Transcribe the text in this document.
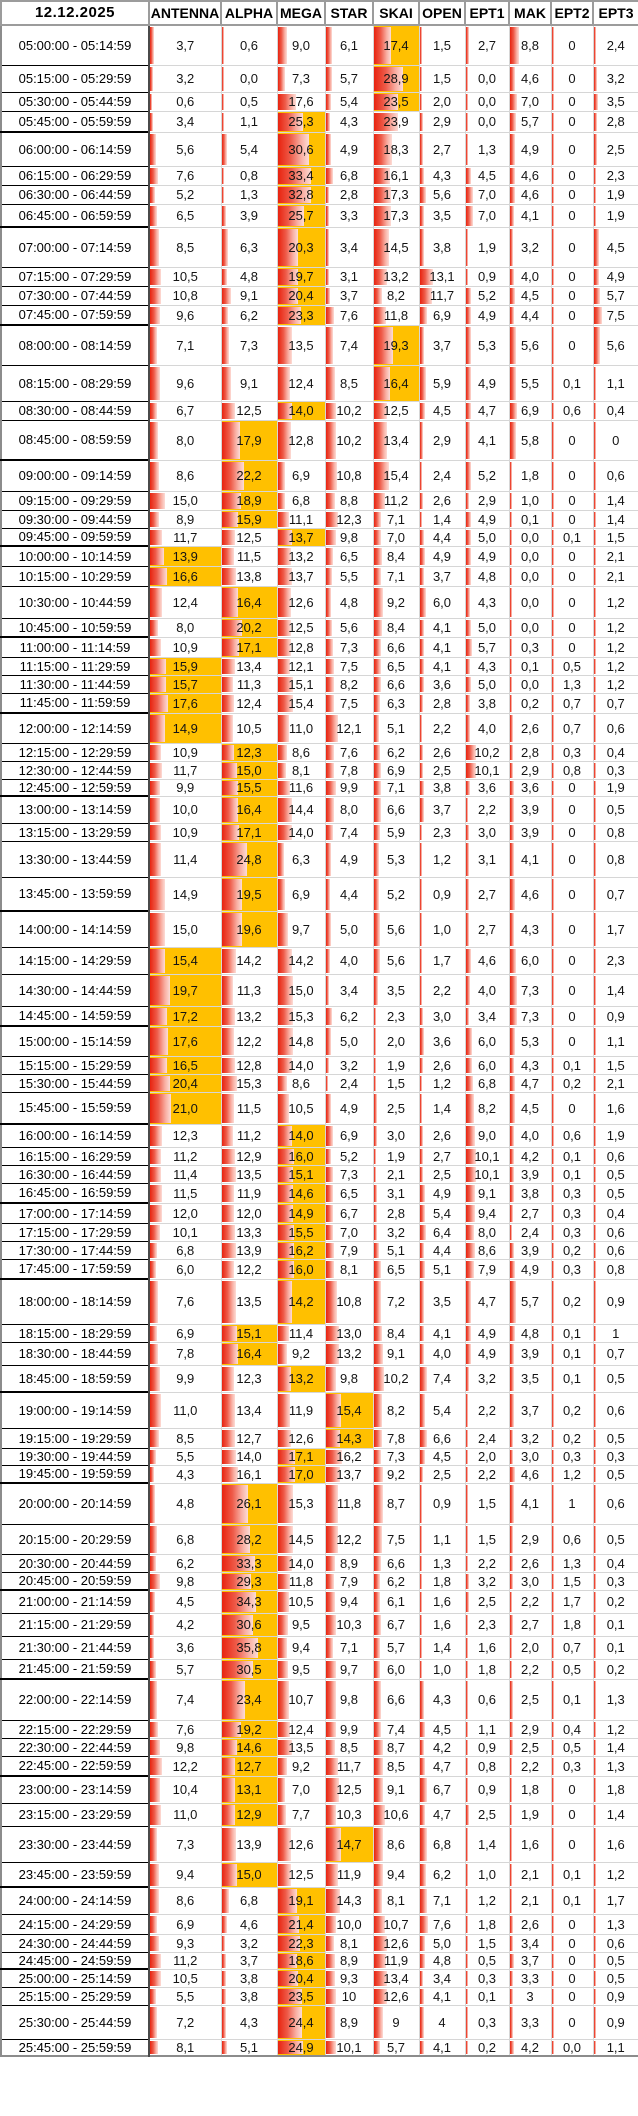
12.12.2025	ANTENNA	ALPHA	MEGA	STAR	SKAI	OPEN	EPT1	MAK	EPT2	EPT3
05:00:00 - 05:14:59	3,7	0,6	9,0	6,1	17,4	1,5	2,7	8,8	0	2,4
05:15:00 - 05:29:59	3,2	0,0	7,3	5,7	28,9	1,5	0,0	4,6	0	3,2
05:30:00 - 05:44:59	0,6	0,5	17,6	5,4	23,5	2,0	0,0	7,0	0	3,5
05:45:00 - 05:59:59	3,4	1,1	25,3	4,3	23,9	2,9	0,0	5,7	0	2,8
06:00:00 - 06:14:59	5,6	5,4	30,6	4,9	18,3	2,7	1,3	4,9	0	2,5
06:15:00 - 06:29:59	7,6	0,8	33,4	6,8	16,1	4,3	4,5	4,6	0	2,3
06:30:00 - 06:44:59	5,2	1,3	32,8	2,8	17,3	5,6	7,0	4,6	0	1,9
06:45:00 - 06:59:59	6,5	3,9	25,7	3,3	17,3	3,5	7,0	4,1	0	1,9
07:00:00 - 07:14:59	8,5	6,3	20,3	3,4	14,5	3,8	1,9	3,2	0	4,5
07:15:00 - 07:29:59	10,5	4,8	19,7	3,1	13,2	13,1	0,9	4,0	0	4,9
07:30:00 - 07:44:59	10,8	9,1	20,4	3,7	8,2	11,7	5,2	4,5	0	5,7
07:45:00 - 07:59:59	9,6	6,2	23,3	7,6	11,8	6,9	4,9	4,4	0	7,5
08:00:00 - 08:14:59	7,1	7,3	13,5	7,4	19,3	3,7	5,3	5,6	0	5,6
08:15:00 - 08:29:59	9,6	9,1	12,4	8,5	16,4	5,9	4,9	5,5	0,1	1,1
08:30:00 - 08:44:59	6,7	12,5	14,0	10,2	12,5	4,5	4,7	6,9	0,6	0,4
08:45:00 - 08:59:59	8,0	17,9	12,8	10,2	13,4	2,9	4,1	5,8	0	0
09:00:00 - 09:14:59	8,6	22,2	6,9	10,8	15,4	2,4	5,2	1,8	0	0,6
09:15:00 - 09:29:59	15,0	18,9	6,8	8,8	11,2	2,6	2,9	1,0	0	1,4
09:30:00 - 09:44:59	8,9	15,9	11,1	12,3	7,1	1,4	4,9	0,1	0	1,4
09:45:00 - 09:59:59	11,7	12,5	13,7	9,8	7,0	4,4	5,0	0,0	0,1	1,5
10:00:00 - 10:14:59	13,9	11,5	13,2	6,5	8,4	4,9	4,9	0,0	0	2,1
10:15:00 - 10:29:59	16,6	13,8	13,7	5,5	7,1	3,7	4,8	0,0	0	2,1
10:30:00 - 10:44:59	12,4	16,4	12,6	4,8	9,2	6,0	4,3	0,0	0	1,2
10:45:00 - 10:59:59	8,0	20,2	12,5	5,6	8,4	4,1	5,0	0,0	0	1,2
11:00:00 - 11:14:59	10,9	17,1	12,8	7,3	6,6	4,1	5,7	0,3	0	1,2
11:15:00 - 11:29:59	15,9	13,4	12,1	7,5	6,5	4,1	4,3	0,1	0,5	1,2
11:30:00 - 11:44:59	15,7	11,3	15,1	8,2	6,6	3,6	5,0	0,0	1,3	1,2
11:45:00 - 11:59:59	17,6	12,4	15,4	7,5	6,3	2,8	3,8	0,2	0,7	0,7
12:00:00 - 12:14:59	14,9	10,5	11,0	12,1	5,1	2,2	4,0	2,6	0,7	0,6
12:15:00 - 12:29:59	10,9	12,3	8,6	7,6	6,2	2,6	10,2	2,8	0,3	0,4
12:30:00 - 12:44:59	11,7	15,0	8,1	7,8	6,9	2,5	10,1	2,9	0,8	0,3
12:45:00 - 12:59:59	9,9	15,5	11,6	9,9	7,1	3,8	3,6	3,6	0	1,9
13:00:00 - 13:14:59	10,0	16,4	14,4	8,0	6,6	3,7	2,2	3,9	0	0,5
13:15:00 - 13:29:59	10,9	17,1	14,0	7,4	5,9	2,3	3,0	3,9	0	0,8
13:30:00 - 13:44:59	11,4	24,8	6,3	4,9	5,3	1,2	3,1	4,1	0	0,8
13:45:00 - 13:59:59	14,9	19,5	6,9	4,4	5,2	0,9	2,7	4,6	0	0,7
14:00:00 - 14:14:59	15,0	19,6	9,7	5,0	5,6	1,0	2,7	4,3	0	1,7
14:15:00 - 14:29:59	15,4	14,2	14,2	4,0	5,6	1,7	4,6	6,0	0	2,3
14:30:00 - 14:44:59	19,7	11,3	15,0	3,4	3,5	2,2	4,0	7,3	0	1,4
14:45:00 - 14:59:59	17,2	13,2	15,3	6,2	2,3	3,0	3,4	7,3	0	0,9
15:00:00 - 15:14:59	17,6	12,2	14,8	5,0	2,0	3,6	6,0	5,3	0	1,1
15:15:00 - 15:29:59	16,5	12,8	14,0	3,2	1,9	2,6	6,0	4,3	0,1	1,5
15:30:00 - 15:44:59	20,4	15,3	8,6	2,4	1,5	1,2	6,8	4,7	0,2	2,1
15:45:00 - 15:59:59	21,0	11,5	10,5	4,9	2,5	1,4	8,2	4,5	0	1,6
16:00:00 - 16:14:59	12,3	11,2	14,0	6,9	3,0	2,6	9,0	4,0	0,6	1,9
16:15:00 - 16:29:59	11,2	12,9	16,0	5,2	1,9	2,7	10,1	4,2	0,1	0,6
16:30:00 - 16:44:59	11,4	13,5	15,1	7,3	2,1	2,5	10,1	3,9	0,1	0,5
16:45:00 - 16:59:59	11,5	11,9	14,6	6,5	3,1	4,9	9,1	3,8	0,3	0,5
17:00:00 - 17:14:59	12,0	12,0	14,9	6,7	2,8	5,4	9,4	2,7	0,3	0,4
17:15:00 - 17:29:59	10,1	13,3	15,5	7,0	3,2	6,4	8,0	2,4	0,3	0,6
17:30:00 - 17:44:59	6,8	13,9	16,2	7,9	5,1	4,4	8,6	3,9	0,2	0,6
17:45:00 - 17:59:59	6,0	12,2	16,0	8,1	6,5	5,1	7,9	4,9	0,3	0,8
18:00:00 - 18:14:59	7,6	13,5	14,2	10,8	7,2	3,5	4,7	5,7	0,2	0,9
18:15:00 - 18:29:59	6,9	15,1	11,4	13,0	8,4	4,1	4,9	4,8	0,1	1
18:30:00 - 18:44:59	7,8	16,4	9,2	13,2	9,1	4,0	4,9	3,9	0,1	0,7
18:45:00 - 18:59:59	9,9	12,3	13,2	9,8	10,2	7,4	3,2	3,5	0,1	0,5
19:00:00 - 19:14:59	11,0	13,4	11,9	15,4	8,2	5,4	2,2	3,7	0,2	0,6
19:15:00 - 19:29:59	8,5	12,7	12,6	14,3	7,8	6,6	2,4	3,2	0,2	0,5
19:30:00 - 19:44:59	5,5	14,0	17,1	16,2	7,3	4,5	2,0	3,0	0,3	0,3
19:45:00 - 19:59:59	4,3	16,1	17,0	13,7	9,2	2,5	2,2	4,6	1,2	0,5
20:00:00 - 20:14:59	4,8	26,1	15,3	11,8	8,7	0,9	1,5	4,1	1	0,6
20:15:00 - 20:29:59	6,8	28,2	14,5	12,2	7,5	1,1	1,5	2,9	0,6	0,5
20:30:00 - 20:44:59	6,2	33,3	14,0	8,9	6,6	1,3	2,2	2,6	1,3	0,4
20:45:00 - 20:59:59	9,8	29,3	11,8	7,9	6,2	1,8	3,2	3,0	1,5	0,3
21:00:00 - 21:14:59	4,5	34,3	10,5	9,4	6,1	1,6	2,5	2,2	1,7	0,2
21:15:00 - 21:29:59	4,2	30,6	9,5	10,3	6,7	1,6	2,3	2,7	1,8	0,1
21:30:00 - 21:44:59	3,6	35,8	9,4	7,1	5,7	1,4	1,6	2,0	0,7	0,1
21:45:00 - 21:59:59	5,7	30,5	9,5	9,7	6,0	1,0	1,8	2,2	0,5	0,2
22:00:00 - 22:14:59	7,4	23,4	10,7	9,8	6,6	4,3	0,6	2,5	0,1	1,3
22:15:00 - 22:29:59	7,6	19,2	12,4	9,9	7,4	4,5	1,1	2,9	0,4	1,2
22:30:00 - 22:44:59	9,8	14,6	13,5	8,5	8,7	4,2	0,9	2,5	0,5	1,4
22:45:00 - 22:59:59	12,2	12,7	9,2	11,7	8,5	4,7	0,8	2,2	0,3	1,3
23:00:00 - 23:14:59	10,4	13,1	7,0	12,5	9,1	6,7	0,9	1,8	0	1,8
23:15:00 - 23:29:59	11,0	12,9	7,7	10,3	10,6	4,7	2,5	1,9	0	1,4
23:30:00 - 23:44:59	7,3	13,9	12,6	14,7	8,6	6,8	1,4	1,6	0	1,6
23:45:00 - 23:59:59	9,4	15,0	12,5	11,9	9,4	6,2	1,0	2,1	0,1	1,2
24:00:00 - 24:14:59	8,6	6,8	19,1	14,3	8,1	7,1	1,2	2,1	0,1	1,7
24:15:00 - 24:29:59	6,9	4,6	21,4	10,0	10,7	7,6	1,8	2,6	0	1,3
24:30:00 - 24:44:59	9,3	3,2	22,3	8,1	12,6	5,0	1,5	3,4	0	0,6
24:45:00 - 24:59:59	11,2	3,7	18,6	8,9	11,9	4,8	0,5	3,7	0	0,5
25:00:00 - 25:14:59	10,5	3,8	20,4	9,3	13,4	3,4	0,3	3,3	0	0,5
25:15:00 - 25:29:59	5,5	3,8	23,5	10	12,6	4,1	0,1	3	0	0,9
25:30:00 - 25:44:59	7,2	4,3	24,4	8,9	9	4	0,3	3,3	0	0,9
25:45:00 - 25:59:59	8,1	5,1	24,9	10,1	5,7	4,1	0,2	4,2	0,0	1,1
